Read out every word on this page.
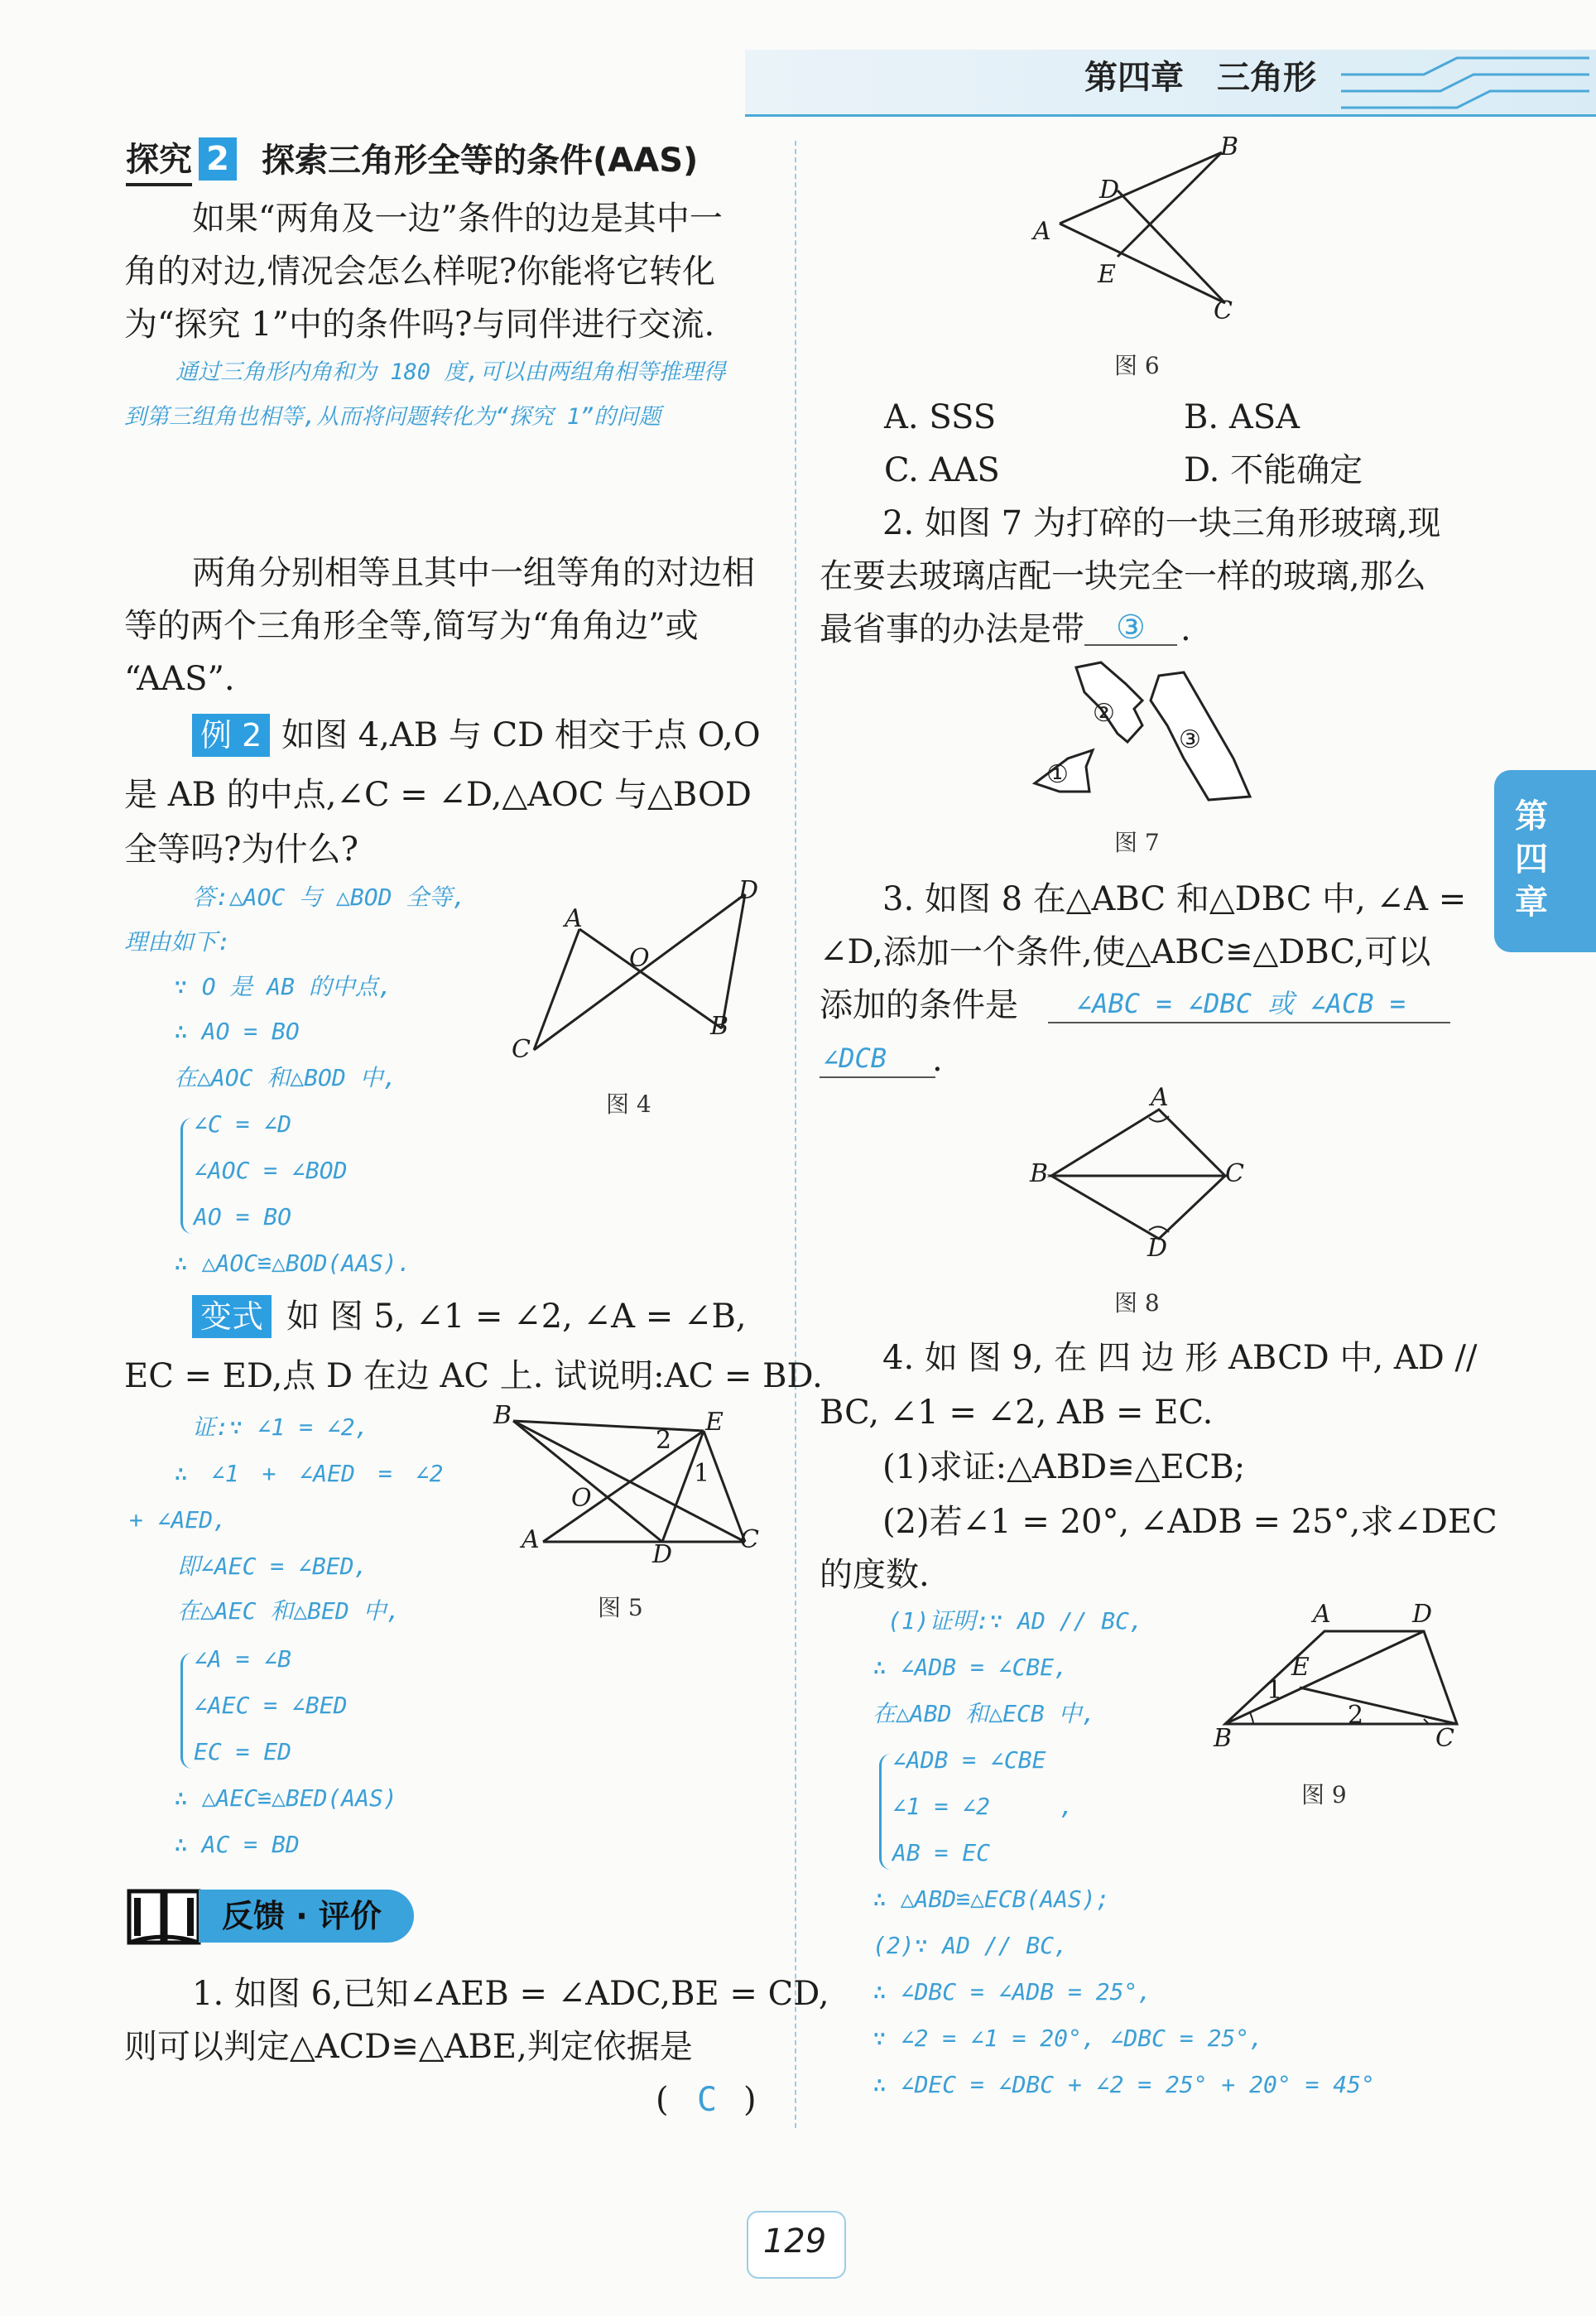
第四章　三角形
第四章
探究 2 探索三角形全等的条件(AAS)
如果“两角及一边”条件的边是其中一
角的对边,情况会怎么样呢?你能将它转化
为“探究 1”中的条件吗?与同伴进行交流.
通过三角形内角和为 180 度,可以由两组角相等推理得
到第三组角也相等,从而将问题转化为“探究 1”的问题
两角分别相等且其中一组等角的对边相
等的两个三角形全等,简写为“角角边”或
“AAS”.
例 2 如图 4,AB 与 CD 相交于点 O,O
是 AB 的中点,∠C = ∠D,△AOC 与△BOD
全等吗?为什么?
答:△AOC 与 △BOD 全等,
理由如下:
∵ O 是 AB 的中点,
∴ AO = BO
在△AOC 和△BOD 中,
∠C = ∠D
∠AOC = ∠BOD
AO = BO
∴ △AOC≌△BOD(AAS).
A
D
O
C
B
图 4
变式 如 图 5, ∠1 = ∠2, ∠A = ∠B,
EC = ED,点 D 在边 AC 上. 试说明:AC = BD.
证:∵ ∠1 = ∠2,
∴　∠1　+　∠AED　=　∠2
+ ∠AED,
即∠AEC = ∠BED,
在△AEC 和△BED 中,
∠A = ∠B
∠AEC = ∠BED
EC = ED
∴ △AEC≌△BED(AAS)
∴ AC = BD
B	E
2
1
O
A
D
C
图 5
反馈 · 评价
1. 如图 6,已知∠AEB = ∠ADC,BE = CD,
则可以判定△ACD≌△ABE,判定依据是
( C )
B
D
A
E
C
图 6
A. SSS	B. ASA
C. AAS	D. 不能确定
2. 如图 7 为打碎的一块三角形玻璃,现
在要去玻璃店配一块完全一样的玻璃,那么
最省事的办法是带 ③ .
②
③
①
图 7
3. 如图 8 在△ABC 和△DBC 中, ∠A =
∠D,添加一个条件,使△ABC≌△DBC,可以
添加的条件是 ∠ABC = ∠DBC 或 ∠ACB =
∠DCB .
A
B	C
D
图 8
4. 如 图 9, 在 四 边 形 ABCD 中, AD //
BC, ∠1 = ∠2, AB = EC.
(1)求证:△ABD≌△ECB;
(2)若∠1 = 20°, ∠ADB = 25°,求∠DEC
的度数.
(1)证明:∵ AD // BC,
∴ ∠ADB = ∠CBE,
在△ABD 和△ECB 中,
∠ADB = ∠CBE
∠1 = ∠2　　　,
AB = EC
∴ △ABD≌△ECB(AAS);
(2)∵ AD // BC,
∴ ∠DBC = ∠ADB = 25°,
∵ ∠2 = ∠1 = 20°, ∠DBC = 25°,
∴ ∠DEC = ∠DBC + ∠2 = 25° + 20° = 45°
A	D
E
1
B
2
C
图 9
129
